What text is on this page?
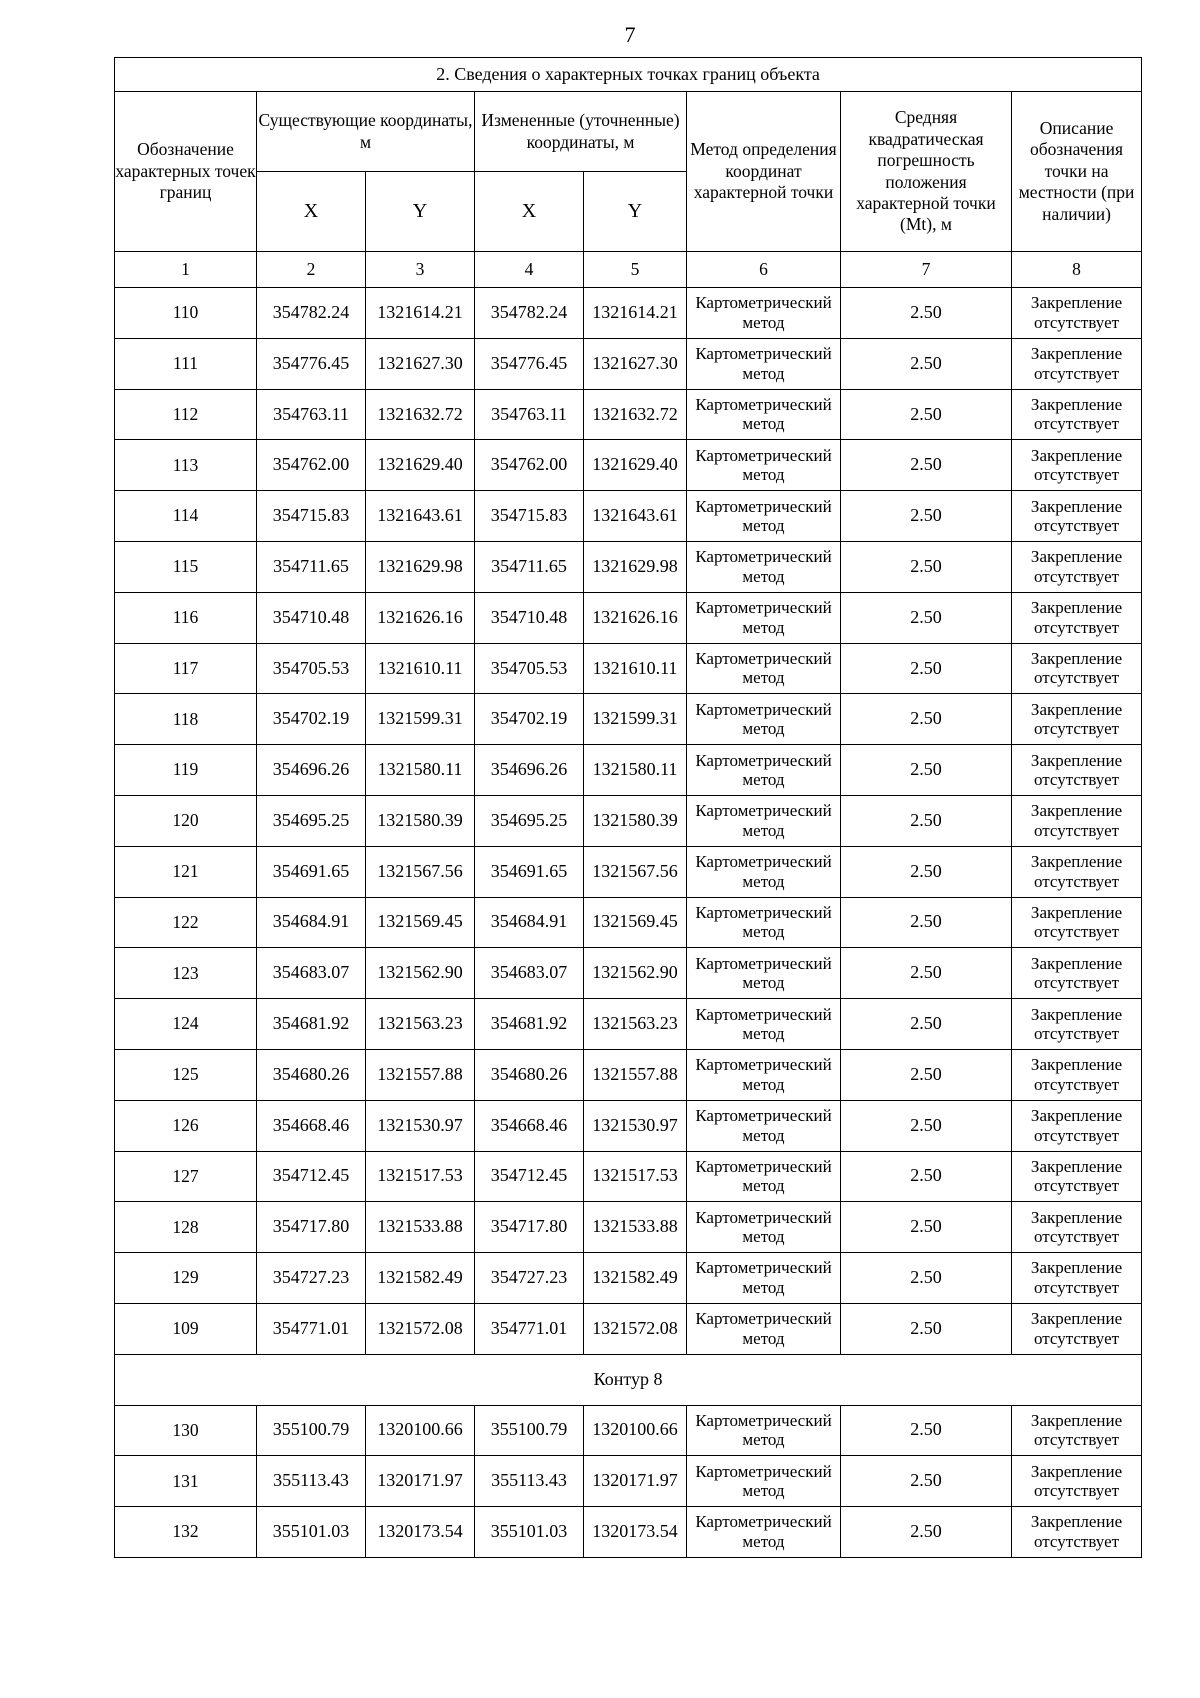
7
2. Сведения о характерных точках границ объекта							
Обозначение характерных точек границ	Существующие координаты, м		Измененные (уточненные) координаты, м		Метод определения координат характерной точки	Средняя квадратическая погрешность положения характерной точки (Mt), м	Описание обозначения точки на местности (при наличии)
	X	Y	X	Y			
1	2	3	4	5	6	7	8
110	354782.24	1321614.21	354782.24	1321614.21	Картометрический метод	2.50	Закрепление отсутствует
111	354776.45	1321627.30	354776.45	1321627.30	Картометрический метод	2.50	Закрепление отсутствует
112	354763.11	1321632.72	354763.11	1321632.72	Картометрический метод	2.50	Закрепление отсутствует
113	354762.00	1321629.40	354762.00	1321629.40	Картометрический метод	2.50	Закрепление отсутствует
114	354715.83	1321643.61	354715.83	1321643.61	Картометрический метод	2.50	Закрепление отсутствует
115	354711.65	1321629.98	354711.65	1321629.98	Картометрический метод	2.50	Закрепление отсутствует
116	354710.48	1321626.16	354710.48	1321626.16	Картометрический метод	2.50	Закрепление отсутствует
117	354705.53	1321610.11	354705.53	1321610.11	Картометрический метод	2.50	Закрепление отсутствует
118	354702.19	1321599.31	354702.19	1321599.31	Картометрический метод	2.50	Закрепление отсутствует
119	354696.26	1321580.11	354696.26	1321580.11	Картометрический метод	2.50	Закрепление отсутствует
120	354695.25	1321580.39	354695.25	1321580.39	Картометрический метод	2.50	Закрепление отсутствует
121	354691.65	1321567.56	354691.65	1321567.56	Картометрический метод	2.50	Закрепление отсутствует
122	354684.91	1321569.45	354684.91	1321569.45	Картометрический метод	2.50	Закрепление отсутствует
123	354683.07	1321562.90	354683.07	1321562.90	Картометрический метод	2.50	Закрепление отсутствует
124	354681.92	1321563.23	354681.92	1321563.23	Картометрический метод	2.50	Закрепление отсутствует
125	354680.26	1321557.88	354680.26	1321557.88	Картометрический метод	2.50	Закрепление отсутствует
126	354668.46	1321530.97	354668.46	1321530.97	Картометрический метод	2.50	Закрепление отсутствует
127	354712.45	1321517.53	354712.45	1321517.53	Картометрический метод	2.50	Закрепление отсутствует
128	354717.80	1321533.88	354717.80	1321533.88	Картометрический метод	2.50	Закрепление отсутствует
129	354727.23	1321582.49	354727.23	1321582.49	Картометрический метод	2.50	Закрепление отсутствует
109	354771.01	1321572.08	354771.01	1321572.08	Картометрический метод	2.50	Закрепление отсутствует
Контур 8							
130	355100.79	1320100.66	355100.79	1320100.66	Картометрический метод	2.50	Закрепление отсутствует
131	355113.43	1320171.97	355113.43	1320171.97	Картометрический метод	2.50	Закрепление отсутствует
132	355101.03	1320173.54	355101.03	1320173.54	Картометрический метод	2.50	Закрепление отсутствует
